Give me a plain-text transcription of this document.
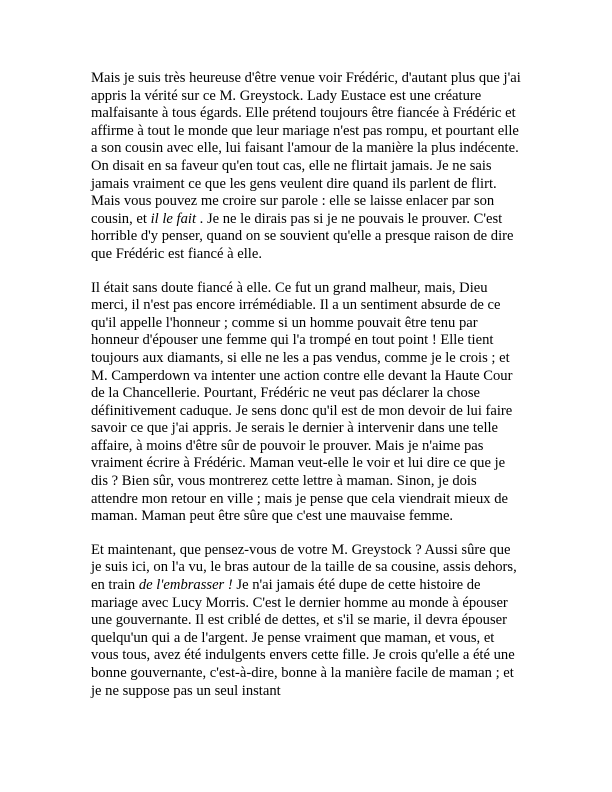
Mais je suis très heureuse d'être venue voir Frédéric, d'autant plus que j'ai appris la vérité sur ce M. Greystock. Lady Eustace est une créature malfaisante à tous égards. Elle prétend toujours être fiancée à Frédéric et affirme à tout le monde que leur mariage n'est pas rompu, et pourtant elle a son cousin avec elle, lui faisant l'amour de la manière la plus indécente. On disait en sa faveur qu'en tout cas, elle ne flirtait jamais. Je ne sais jamais vraiment ce que les gens veulent dire quand ils parlent de flirt. Mais vous pouvez me croire sur parole : elle se laisse enlacer par son cousin, et il le fait . Je ne le dirais pas si je ne pouvais le prouver. C'est horrible d'y penser, quand on se souvient qu'elle a presque raison de dire que Frédéric est fiancé à elle.

Il était sans doute fiancé à elle. Ce fut un grand malheur, mais, Dieu merci, il n'est pas encore irrémédiable. Il a un sentiment absurde de ce qu'il appelle l'honneur ; comme si un homme pouvait être tenu par honneur d'épouser une femme qui l'a trompé en tout point ! Elle tient toujours aux diamants, si elle ne les a pas vendus, comme je le crois ; et M. Camperdown va intenter une action contre elle devant la Haute Cour de la Chancellerie. Pourtant, Frédéric ne veut pas déclarer la chose définitivement caduque. Je sens donc qu'il est de mon devoir de lui faire savoir ce que j'ai appris. Je serais le dernier à intervenir dans une telle affaire, à moins d'être sûr de pouvoir le prouver. Mais je n'aime pas vraiment écrire à Frédéric. Maman veut-elle le voir et lui dire ce que je dis ? Bien sûr, vous montrerez cette lettre à maman. Sinon, je dois attendre mon retour en ville ; mais je pense que cela viendrait mieux de maman. Maman peut être sûre que c'est une mauvaise femme.

Et maintenant, que pensez-vous de votre M. Greystock ? Aussi sûre que je suis ici, on l'a vu, le bras autour de la taille de sa cousine, assis dehors, en train de l'embrasser ! Je n'ai jamais été dupe de cette histoire de mariage avec Lucy Morris. C'est le dernier homme au monde à épouser une gouvernante. Il est criblé de dettes, et s'il se marie, il devra épouser quelqu'un qui a de l'argent. Je pense vraiment que maman, et vous, et vous tous, avez été indulgents envers cette fille. Je crois qu'elle a été une bonne gouvernante, c'est-à-dire, bonne à la manière facile de maman ; et je ne suppose pas un seul instant
